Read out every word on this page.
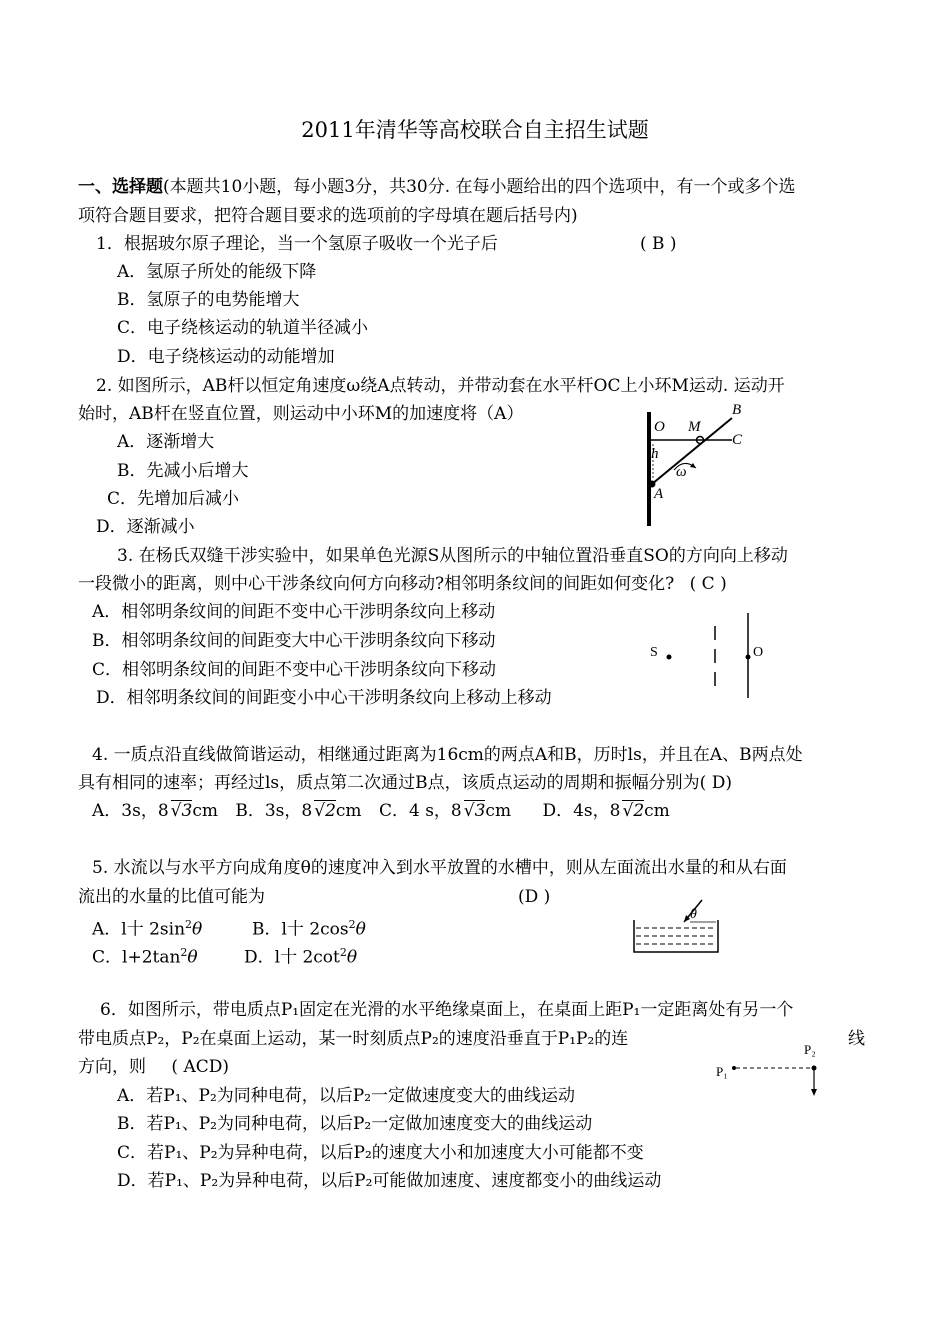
2011年清华等高校联合自主招生试题
一、选择题(本题共10小题，每小题3分，共30分. 在每小题给出的四个选项中，有一个或多个选
项符合题目要求，把符合题目要求的选项前的字母填在题后括号内)
1．根据玻尔原子理论，当一个氢原子吸收一个光子后	( B )
A．氢原子所处的能级下降
B．氢原子的电势能增大
C．电子绕核运动的轨道半径减小
D．电子绕核运动的动能增加
2. 如图所示，AB杆以恒定角速度ω绕A点转动，并带动套在水平杆OC上小环M运动. 运动开
始时，AB杆在竖直位置，则运动中小环M的加速度将（A）
A．逐渐增大
B．先减小后增大
C．先增加后减小
D．逐渐减小
B
O M
C
h
ω
A
3. 在杨氏双缝干涉实验中，如果单色光源S从图所示的中轴位置沿垂直SO的方向向上移动
一段微小的距离，则中心干涉条纹向何方向移动?相邻明条纹间的间距如何变化? ( C )
A．相邻明条纹间的间距不变中心干涉明条纹向上移动
B．相邻明条纹间的间距变大中心干涉明条纹向下移动
C．相邻明条纹间的间距不变中心干涉明条纹向下移动
D．相邻明条纹间的间距变小中心干涉明条纹向上移动上移动
S	O
4. 一质点沿直线做简谐运动，相继通过距离为16cm的两点A和B，历时ls，并且在A、B两点处
具有相同的速率；再经过ls，质点第二次通过B点，该质点运动的周期和振幅分别为( D)
A．3s，8 √3cm B．3s，8 √2cm C．4 s，8 √3cm D．4s，8 √2cm
5. 水流以与水平方向成角度θ的速度冲入到水平放置的水槽中，则从左面流出水量的和从右面
流出的水量的比值可能为	(D )
A．l十 $2\sin^2\theta$	B．l十 $2\cos^2\theta$
C．$l+2\tan^2\theta$	D．l十 $2\cot^2\theta$
θ
6．如图所示，带电质点P₁固定在光滑的水平绝缘桌面上，在桌面上距P₁一定距离处有另一个
带电质点P₂，P₂在桌面上运动，某一时刻质点P₂的速度沿垂直于P₁P₂的连	线
方向，则 ( ACD)
A．若P₁、P₂为同种电荷，以后P₂一定做速度变大的曲线运动
B．若P₁、P₂为同种电荷，以后P₂一定做加速度变大的曲线运动
C．若P₁、P₂为异种电荷，以后P₂的速度大小和加速度大小可能都不变
D．若P₁、P₂为异种电荷，以后P₂可能做加速度、速度都变小的曲线运动
P₂
P₁
